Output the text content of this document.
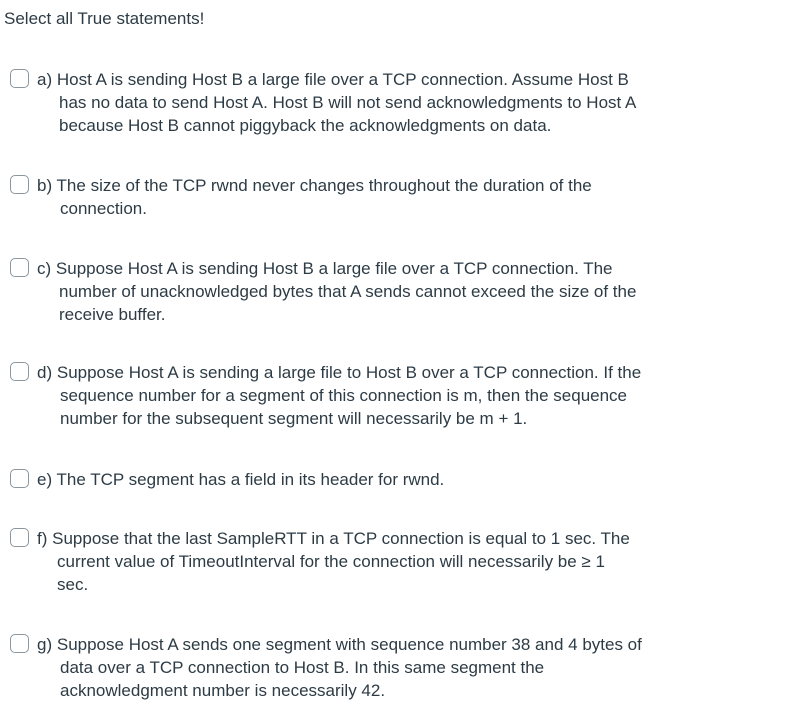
Select all True statements!
a) Host A is sending Host B a large file over a TCP connection. Assume Host B
has no data to send Host A. Host B will not send acknowledgments to Host A
because Host B cannot piggyback the acknowledgments on data.
b) The size of the TCP rwnd never changes throughout the duration of the
connection.
c) Suppose Host A is sending Host B a large file over a TCP connection. The
number of unacknowledged bytes that A sends cannot exceed the size of the
receive buffer.
d) Suppose Host A is sending a large file to Host B over a TCP connection. If the
sequence number for a segment of this connection is m, then the sequence
number for the subsequent segment will necessarily be m + 1.
e) The TCP segment has a field in its header for rwnd.
f) Suppose that the last SampleRTT in a TCP connection is equal to 1 sec. The
current value of TimeoutInterval for the connection will necessarily be ≥ 1
sec.
g) Suppose Host A sends one segment with sequence number 38 and 4 bytes of
data over a TCP connection to Host B. In this same segment the
acknowledgment number is necessarily 42.
